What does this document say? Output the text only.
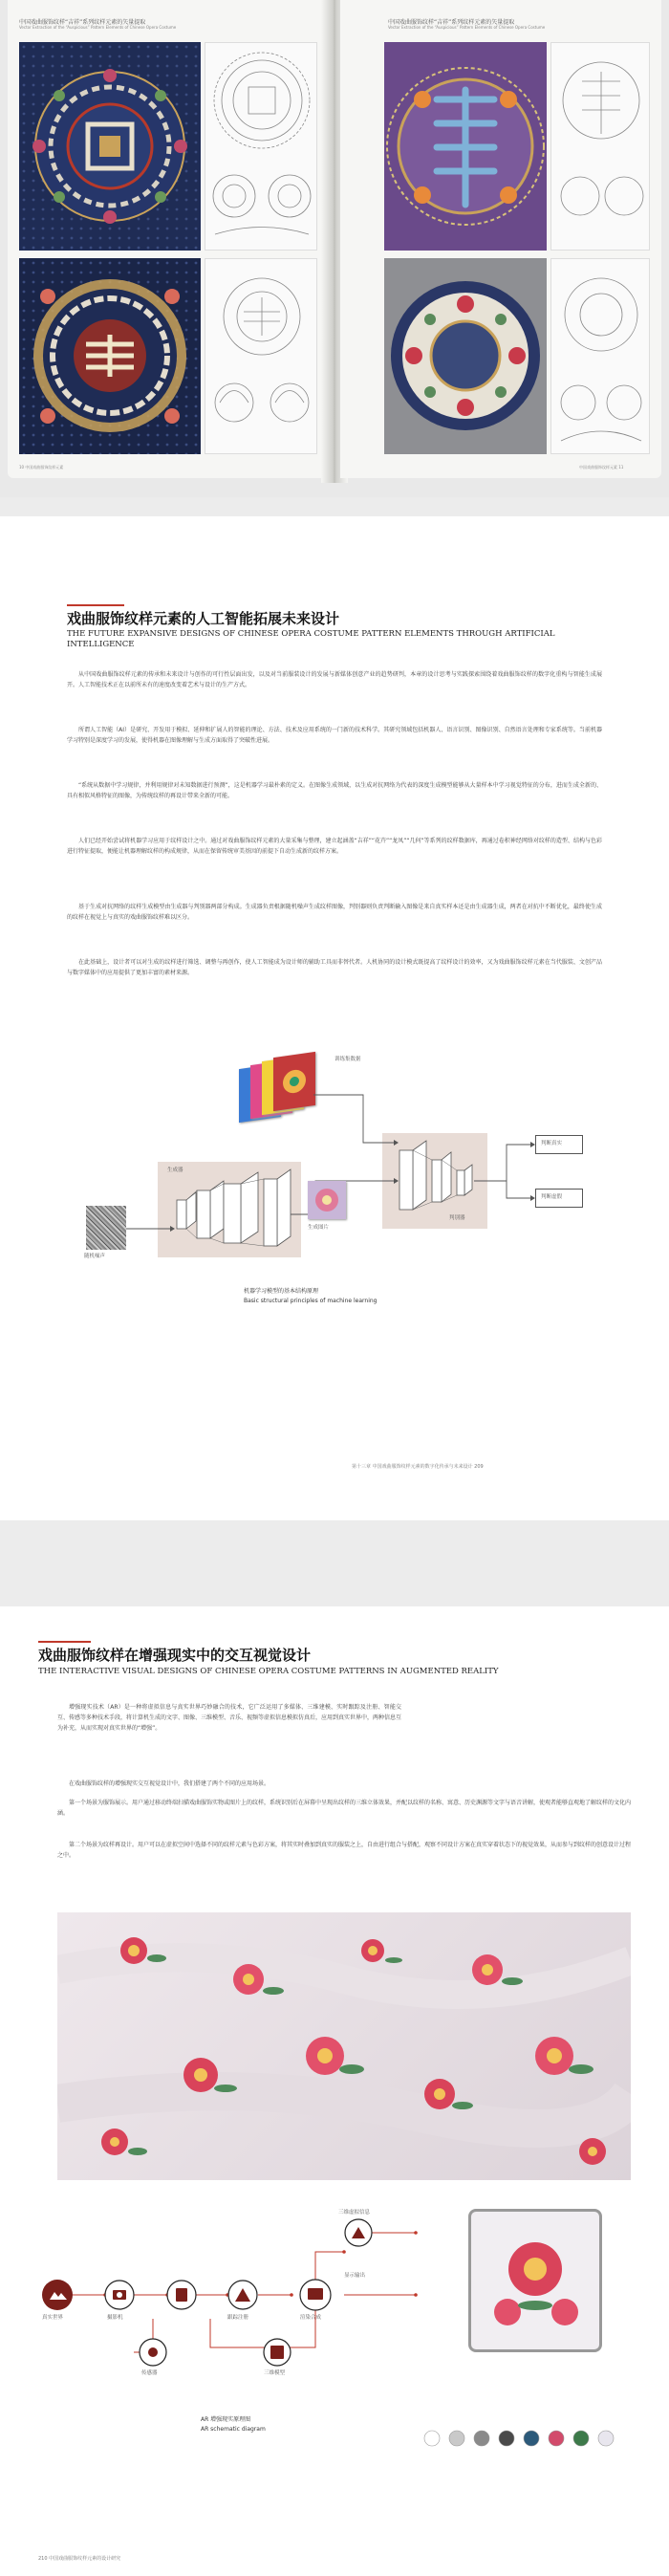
中国戏曲服饰纹样“吉祥”系列纹样元素的矢量提取
Vector Extraction of the “Auspicious” Pattern Elements of Chinese Opera Costume
10 中国戏曲服饰纹样元素
中国戏曲服饰纹样“吉祥”系列纹样元素的矢量提取
Vector Extraction of the “Auspicious” Pattern Elements of Chinese Opera Costume
中国戏曲服饰纹样元素 11
戏曲服饰纹样元素的人工智能拓展未来设计
THE FUTURE EXPANSIVE DESIGNS OF CHINESE OPERA COSTUME PATTERN ELEMENTS THROUGH ARTIFICIAL INTELLIGENCE
从中国戏曲服饰纹样元素的传承和未来设计与创作的可行性层面出发，以及对当前服装设计的发展与新媒体创意产业的趋势研判，本章的设计思考与实践探索围绕着戏曲服饰纹样的数字化重构与智能生成展开。人工智能技术正在以前所未有的速度改变着艺术与设计的生产方式。
所谓人工智能（AI）是研究、开发用于模拟、延伸和扩展人的智能的理论、方法、技术及应用系统的一门新的技术科学。其研究领域包括机器人、语言识别、图像识别、自然语言处理和专家系统等。当前机器学习特别是深度学习的发展，使得机器在图像理解与生成方面取得了突破性进展。
“系统从数据中学习规律，并利用规律对未知数据进行预测”，这是机器学习最朴素的定义。在图像生成领域，以生成对抗网络为代表的深度生成模型能够从大量样本中学习视觉特征的分布，进而生成全新的、具有相似风格特征的图像，为传统纹样的再设计带来全新的可能。
人们已经开始尝试将机器学习应用于纹样设计之中。通过对戏曲服饰纹样元素的大量采集与整理，建立起涵盖“吉祥”“花卉”“龙凤”“几何”等系列的纹样数据库，再通过卷积神经网络对纹样的造型、结构与色彩进行特征提取，便能让机器理解纹样的构成规律，从而在保留传统审美基因的前提下自动生成新的纹样方案。
基于生成对抗网络的纹样生成模型由生成器与判别器两部分构成。生成器负责根据随机噪声生成纹样图像，判别器则负责判断输入图像是来自真实样本还是由生成器生成，两者在对抗中不断优化，最终使生成的纹样在视觉上与真实的戏曲服饰纹样难以区分。
在此基础上，设计者可以对生成的纹样进行筛选、调整与再创作，使人工智能成为设计师的辅助工具而非替代者。人机协同的设计模式既提高了纹样设计的效率，又为戏曲服饰纹样元素在当代服装、文创产品与数字媒体中的应用提供了更加丰富的素材来源。
训练集数据
生成器
判别器
随机噪声
生成图片
判断真实
判断虚假
机器学习模型的基本结构原理
Basic structural principles of machine learning
第十三章 中国戏曲服饰纹样元素的数字化传承与未来设计 209
戏曲服饰纹样在增强现实中的交互视觉设计
THE INTERACTIVE VISUAL DESIGNS OF CHINESE OPERA COSTUME PATTERNS IN AUGMENTED REALITY
增强现实技术（AR）是一种将虚拟信息与真实世界巧妙融合的技术，它广泛运用了多媒体、三维建模、实时跟踪及注册、智能交互、传感等多种技术手段，将计算机生成的文字、图像、三维模型、音乐、视频等虚拟信息模拟仿真后，应用到真实世界中，两种信息互为补充，从而实现对真实世界的“增强”。
在戏曲服饰纹样的增强现实交互视觉设计中，我们搭建了两个不同的应用场景。
第一个场景为服饰展示。用户通过移动终端扫描戏曲服饰实物或图片上的纹样，系统识别后在屏幕中呈现出纹样的三维立体效果，并配以纹样的名称、寓意、历史渊源等文字与语音讲解，使观者能够直观地了解纹样的文化内涵。
第二个场景为纹样再设计。用户可以在虚拟空间中选择不同的纹样元素与色彩方案，将其实时叠加到真实的服装之上，自由进行组合与搭配，观察不同设计方案在真实穿着状态下的视觉效果，从而参与到纹样的创意设计过程之中。
真实世界	摄影机
传感器
跟踪注册
三维模型
渲染合成
三维虚拟信息
显示输出
AR 增强现实原理图
AR schematic diagram
210 中国戏曲服饰纹样元素的设计研究
